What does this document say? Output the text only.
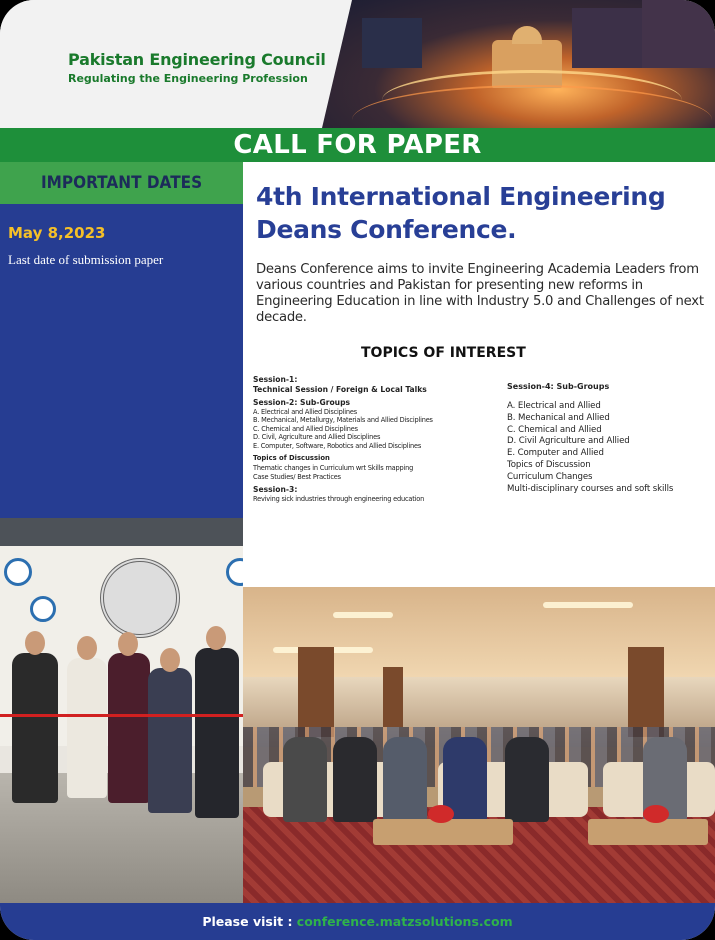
Pakistan Engineering Council
Regulating the Engineering Profession
CALL FOR PAPER
IMPORTANT DATES
May 8,2023
Last date of submission paper
4th International Engineering
Deans Conference.
Deans Conference aims to invite Engineering Academia Leaders from various countries and Pakistan for presenting new reforms in Engineering Education in line with Industry 5.0 and Challenges of next decade.
TOPICS OF INTEREST
Session-1:
Technical Session / Foreign & Local Talks
Session-2: Sub-Groups
A. Electrical and Allied Disciplines
B. Mechanical, Metallurgy, Materials and Allied Disciplines
C. Chemical and Allied Disciplines
D. Civil, Agriculture and Allied Disciplines
E. Computer, Software, Robotics and Allied Disciplines
Topics of Discussion
Thematic changes in Curriculum wrt Skills mapping
Case Studies/ Best Practices
Session-3:
Reviving sick industries through engineering education
Session-4: Sub-Groups
A. Electrical and Allied
B. Mechanical and Allied
C. Chemical and Allied
D. Civil Agriculture and Allied
E. Computer and Allied
Topics of Discussion
Curriculum Changes
Multi-disciplinary courses and soft skills
Please visit : conference.matzsolutions.com
